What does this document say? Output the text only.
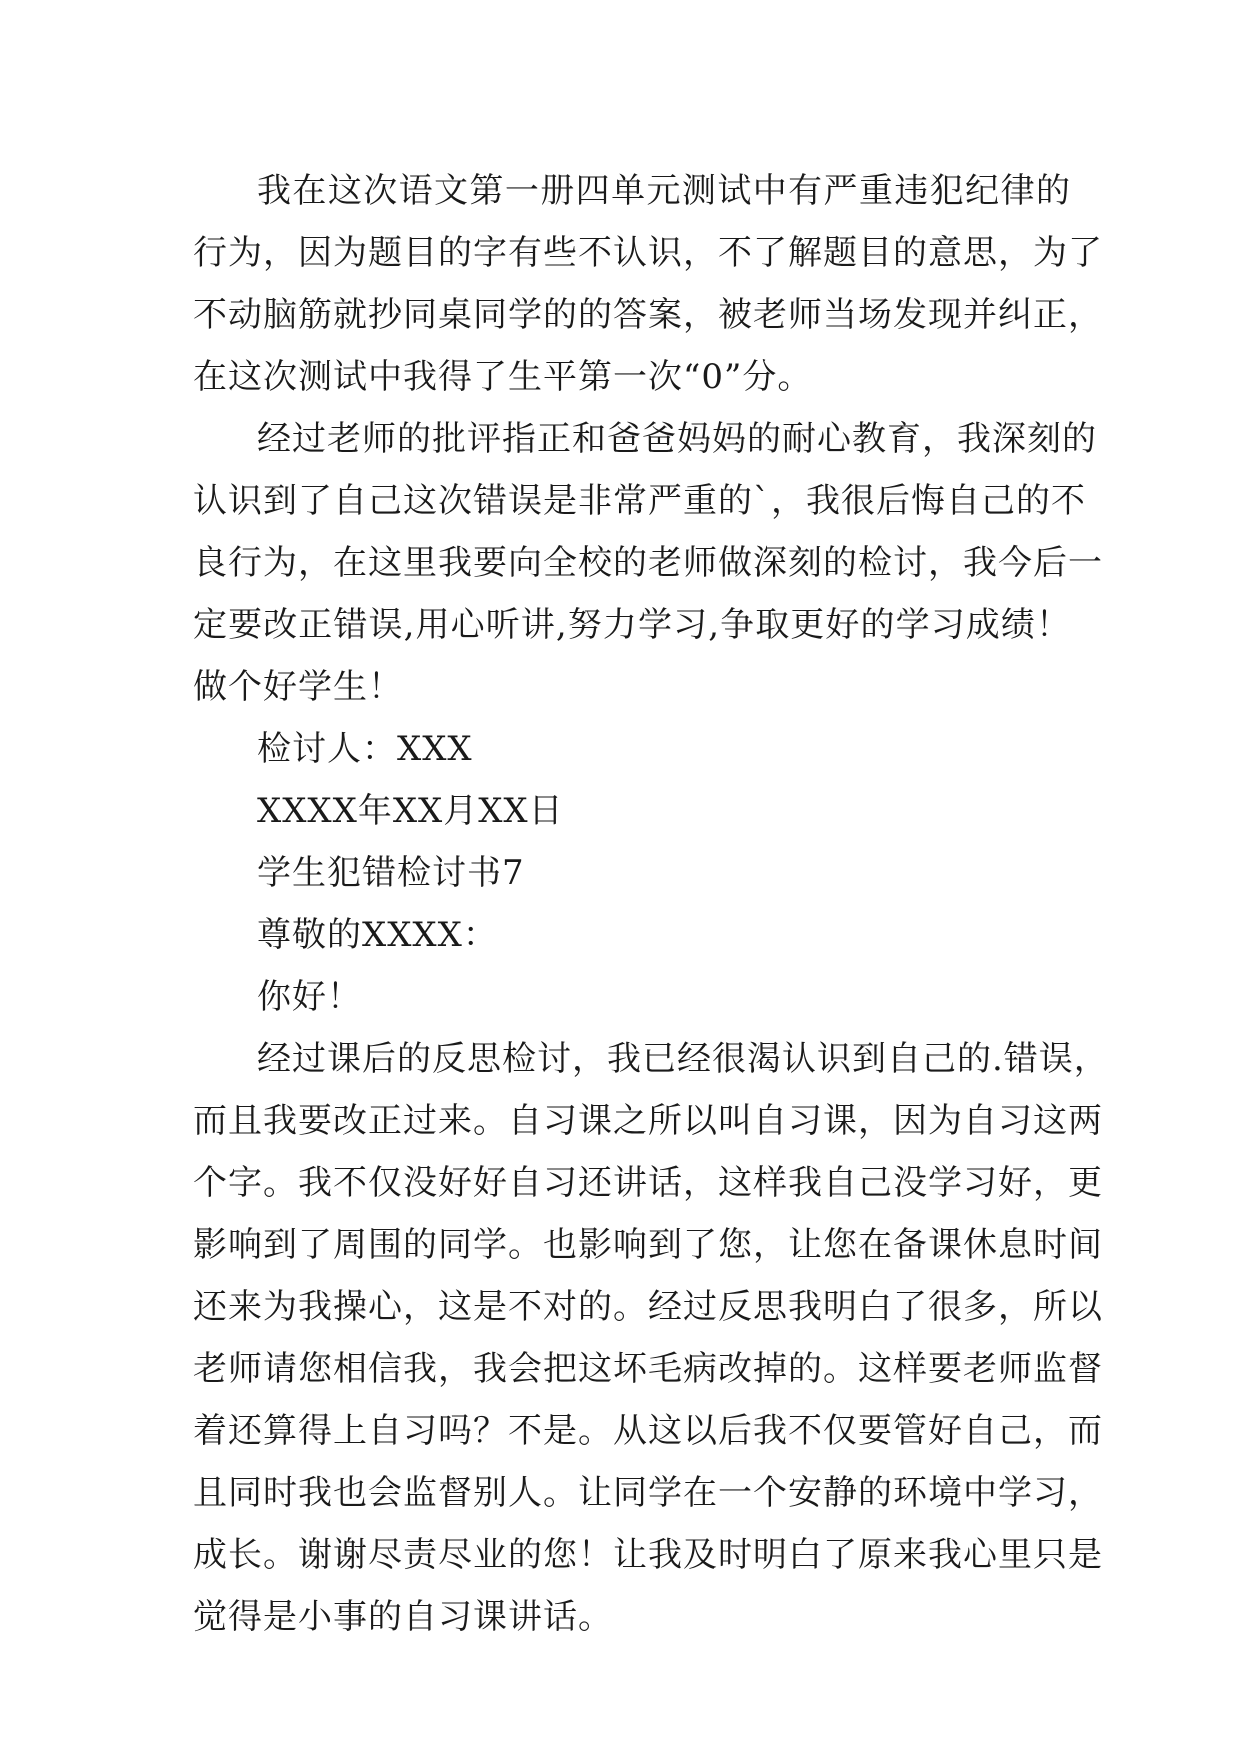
我在这次语文第一册四单元测试中有严重违犯纪律的

行为，因为题目的字有些不认识，不了解题目的意思，为了

不动脑筋就抄同桌同学的的答案，被老师当场发现并纠正，

在这次测试中我得了生平第一次“0”分。

经过老师的批评指正和爸爸妈妈的耐心教育，我深刻的

认识到了自己这次错误是非常严重的`，我很后悔自己的不

良行为，在这里我要向全校的老师做深刻的检讨，我今后一

定要改正错误,用心听讲,努力学习,争取更好的学习成绩！

做个好学生！

检讨人：XXX

XXXX年XX月XX日

学生犯错检讨书7

尊敬的XXXX：

你好！

经过课后的反思检讨，我已经很渴认识到自己的.错误，

而且我要改正过来。自习课之所以叫自习课，因为自习这两

个字。我不仅没好好自习还讲话，这样我自己没学习好，更

影响到了周围的同学。也影响到了您，让您在备课休息时间

还来为我操心，这是不对的。经过反思我明白了很多，所以

老师请您相信我，我会把这坏毛病改掉的。这样要老师监督

着还算得上自习吗？不是。从这以后我不仅要管好自己，而

且同时我也会监督别人。让同学在一个安静的环境中学习，

成长。谢谢尽责尽业的您！让我及时明白了原来我心里只是

觉得是小事的自习课讲话。
